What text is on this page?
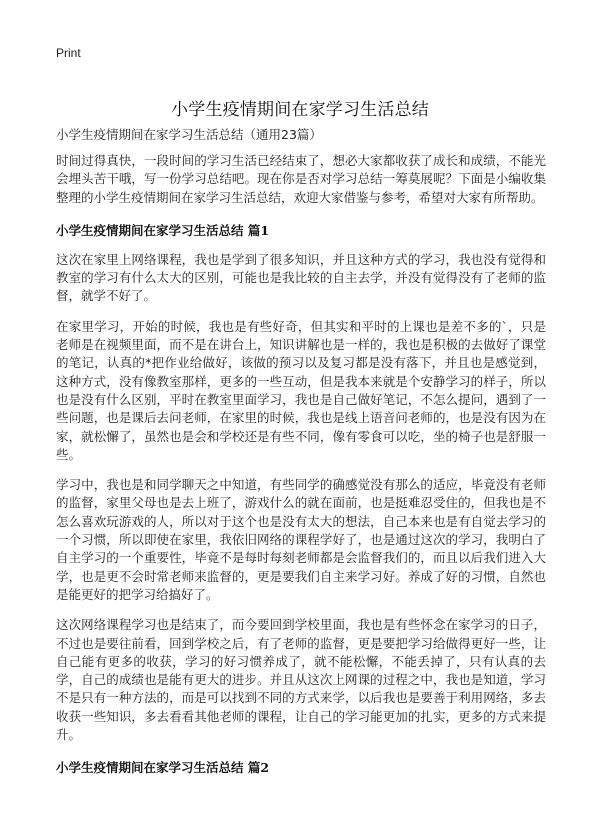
Print
小学生疫情期间在家学习生活总结
小学生疫情期间在家学习生活总结（通用23篇）

时间过得真快，一段时间的学习生活已经结束了，想必大家都收获了成长和成绩，不能光会埋头苦干哦，写一份学习总结吧。现在你是否对学习总结一筹莫展呢？下面是小编收集整理的小学生疫情期间在家学习生活总结，欢迎大家借鉴与参考，希望对大家有所帮助。

小学生疫情期间在家学习生活总结 篇1

这次在家里上网络课程，我也是学到了很多知识，并且这种方式的学习，我也没有觉得和教室的学习有什么太大的区别，可能也是我比较的自主去学，并没有觉得没有了老师的监督，就学不好了。

在家里学习，开始的时候，我也是有些好奇，但其实和平时的上课也是差不多的`，只是老师是在视频里面，而不是在讲台上，知识讲解也是一样的，我也是积极的去做好了课堂的笔记，认真的*把作业给做好，该做的预习以及复习都是没有落下，并且也是感觉到，这种方式，没有像教室那样，更多的一些互动，但是我本来就是个安静学习的样子，所以也是没有什么区别，平时在教室里面学习，我也是自己做好笔记，不怎么提问，遇到了一些问题，也是课后去问老师，在家里的时候，我也是线上语音问老师的，也是没有因为在家，就松懈了，虽然也是会和学校还是有些不同，像有零食可以吃，坐的椅子也是舒服一些。

学习中，我也是和同学聊天之中知道，有些同学的确感觉没有那么的适应，毕竟没有老师的监督，家里父母也是去上班了，游戏什么的就在面前，也是挺难忍受住的，但我也是不怎么喜欢玩游戏的人，所以对于这个也是没有太大的想法，自己本来也是有自觉去学习的一个习惯，所以即使在家里，我依旧网络的课程学好了，也是通过这次的学习，我明白了自主学习的一个重要性，毕竟不是每时每刻老师都是会监督我们的，而且以后我们进入大学，也是更不会时常老师来监督的，更是要我们自主来学习好。养成了好的习惯，自然也是能更好的把学习给搞好了。

这次网络课程学习也是结束了，而今要回到学校里面，我也是有些怀念在家学习的日子，不过也是要往前看，回到学校之后，有了老师的监督，更是要把学习给做得更好一些，让自己能有更多的收获，学习的好习惯养成了，就不能松懈，不能丢掉了，只有认真的去学，自己的成绩也是能有更大的进步。并且从这次上网课的过程之中，我也是知道，学习不是只有一种方法的，而是可以找到不同的方式来学，以后我也是要善于利用网络，多去收获一些知识，多去看看其他老师的课程，让自己的学习能更加的扎实，更多的方式来提升。

小学生疫情期间在家学习生活总结 篇2
